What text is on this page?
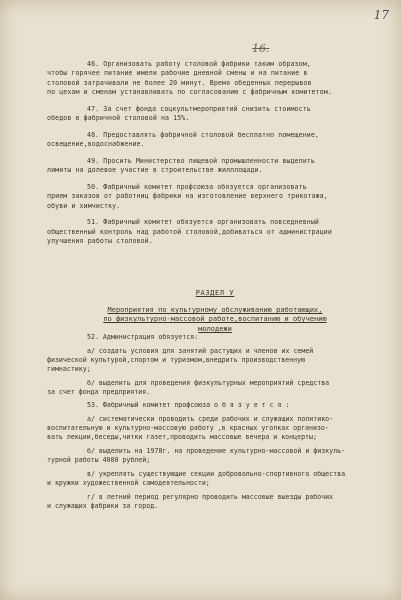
17
16.
46. Организовать работу столовой фабрики таким образом,
чтобы горячее питание имели рабочие дневной смены и на питание в
столовой затрачивали не более 20 минут. Время обеденных перерывов
по цехам и сменам устанавливать по согласованию с фабричным комитетом.
47. За счет фонда соцкультмероприятий снизить стоимость
обедов в фабричной столовой на 15%.
48. Предоставлять фабричной столовой бесплатно помещение,
освещение,водоснабжение.
49. Просить Министерство пищевой промышленности выделить
лимиты на долевое участие в строительстве жилплощади.
50. Фабричный комитет профсоюза обязуется организовать
прием заказов от работниц фабрики на изготовление верхнего трикотажа,
обуви и химчистку.
51. Фабричный комитет обязуется организовать повседневный
общественный контроль над работой столовой,добиваться от администрации
улучшения работы столовой.
РАЗДЕЛ У
Мероприятия по культурному обслуживанию работающих,
по физкультурно-массовой работе,воспитанию и обучению
молодежи
52. Администрация обязуется:
а/ создать условия для занятий растущих и членов их семей
физической культурой,спортом и туризмом,внедрить производственную
гимнастику;
б/ выделить для проведения физкультурных мероприятий средства
за счет фонда предприятия.
53. Фабричный комитет профсоюза о б я з у е т с я :
а/ систематически проводить среди рабочих и служащих политико-
воспитательную и культурно-массовую работу ,в красных уголках организо-
вать лекции,беседы,читки газет,проводить массовые вечера и концерты;
б/ выделить на 1978г. на проведение культурно-массовой и физкуль-
турной работы 4000 рублей;
в/ укреплять существующие секции добровольно-спортивного общества
и кружки художественной самодеятельности;
г/ в летний период регулярно проводить массовые выезды рабочих
и служащих фабрики за город.
